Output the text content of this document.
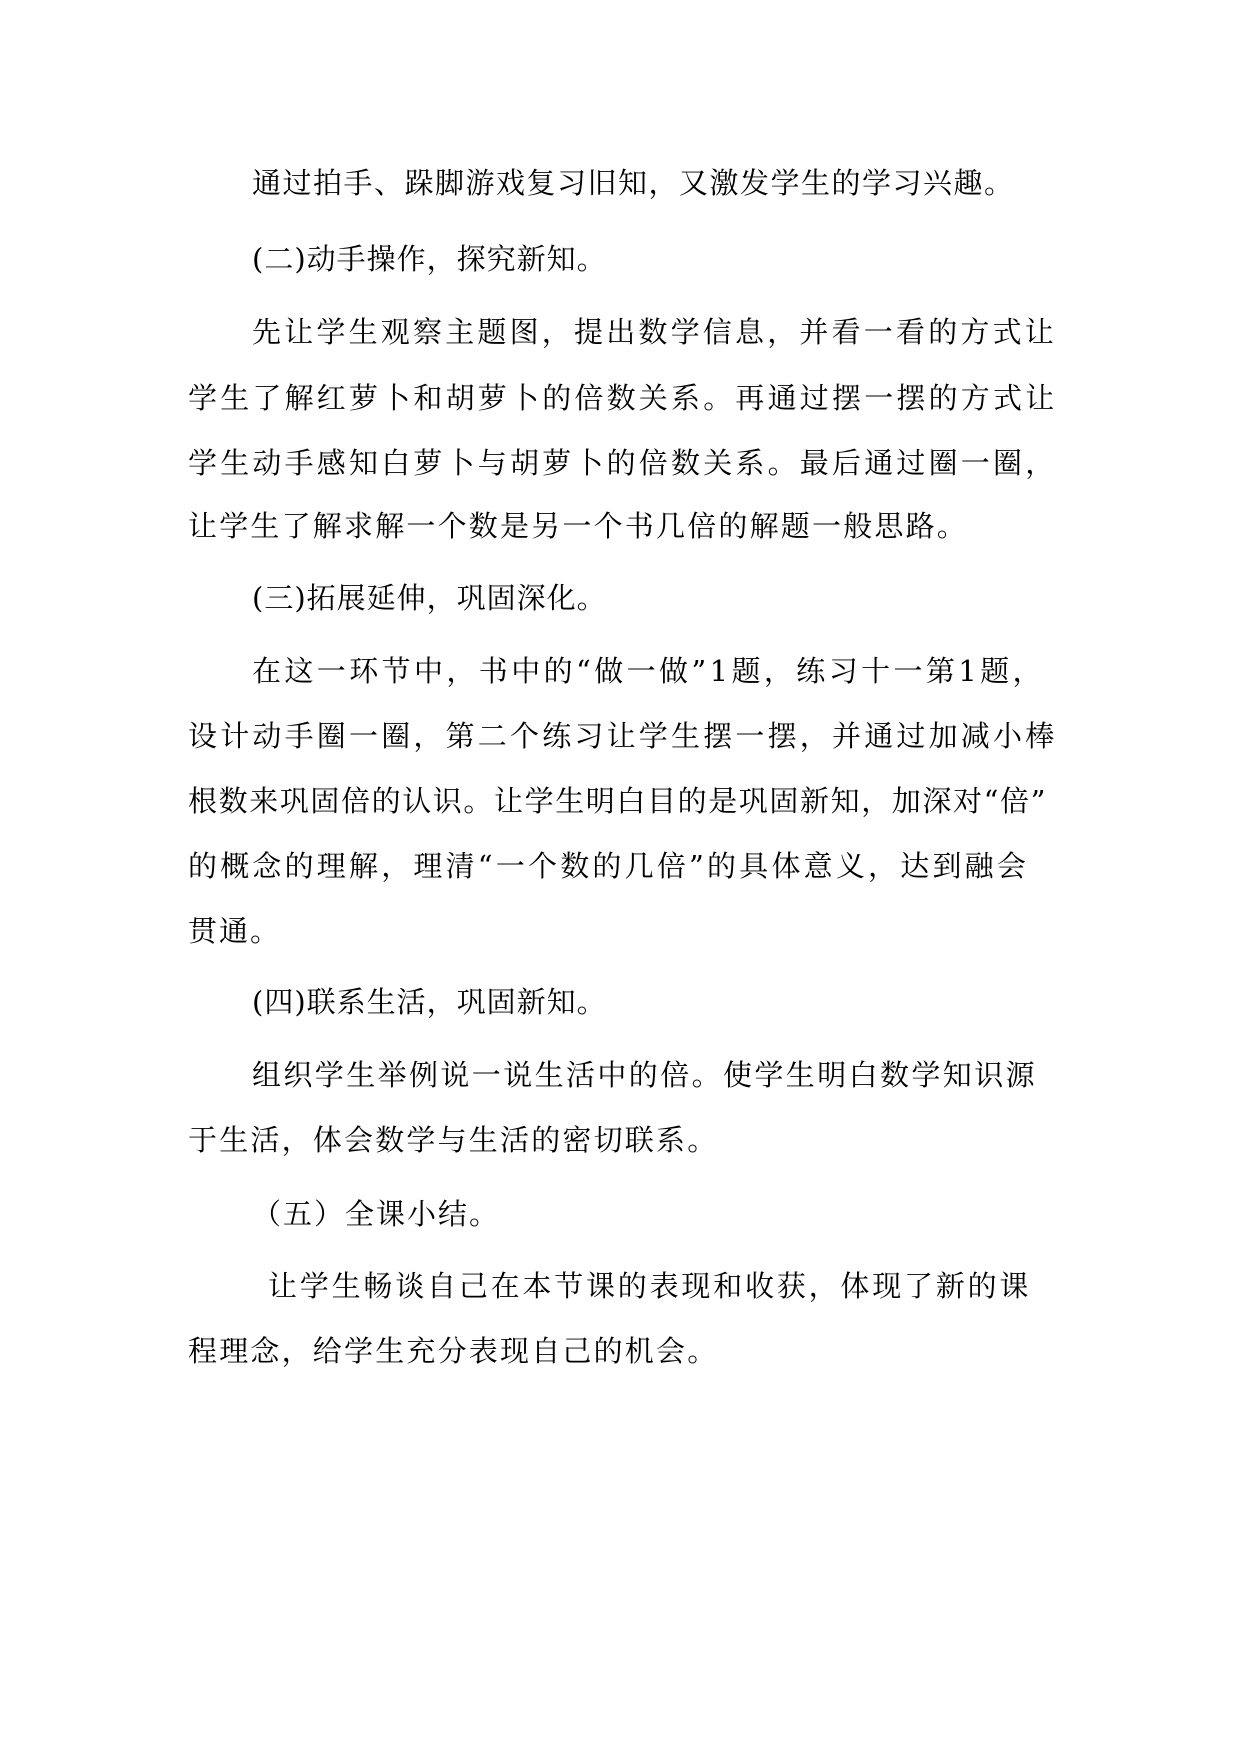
通过拍手、跺脚游戏复习旧知，又激发学生的学习兴趣。
(二)动手操作，探究新知。
先让学生观察主题图，提出数学信息，并看一看的方式让
学生了解红萝卜和胡萝卜的倍数关系。再通过摆一摆的方式让
学生动手感知白萝卜与胡萝卜的倍数关系。最后通过圈一圈，
让学生了解求解一个数是另一个书几倍的解题一般思路。
(三)拓展延伸，巩固深化。
在这一环节中，书中的“做一做”1题，练习十一第1题，
设计动手圈一圈，第二个练习让学生摆一摆，并通过加减小棒
根数来巩固倍的认识。让学生明白目的是巩固新知，加深对“倍”
的概念的理解，理清“一个数的几倍”的具体意义，达到融会
贯通。
(四)联系生活，巩固新知。
组织学生举例说一说生活中的倍。使学生明白数学知识源
于生活，体会数学与生活的密切联系。
（五）全课小结。
让学生畅谈自己在本节课的表现和收获，体现了新的课
程理念，给学生充分表现自己的机会。
